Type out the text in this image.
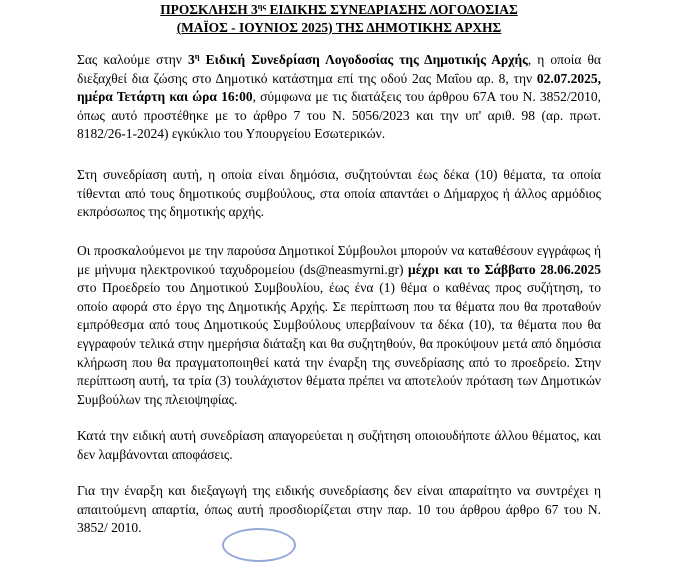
ΠΡΟΣΚΛΗΣΗ $3^{\eta\varsigma}$ ΕΙΔΙΚΗΣ ΣΥΝΕΔΡΙΑΣΗΣ ΛΟΓΟΔΟΣΙΑΣ
(ΜΑΪΟΣ - ΙΟΥΝΙΟΣ 2025) ΤΗΣ ΔΗΜΟΤΙΚΗΣ ΑΡΧΗΣ

Σας καλούμε στην $3^\eta$ Ειδική Συνεδρίαση Λογοδοσίας της Δημοτικής Αρχής, η οποία θα διεξαχθεί δια ζώσης στο Δημοτικό κατάστημα επί της οδού 2ας Μαΐου αρ. 8, την 02.07.2025, ημέρα Τετάρτη και ώρα 16:00, σύμφωνα με τις διατάξεις του άρθρου 67Α του Ν. 3852/2010, όπως αυτό προστέθηκε με το άρθρο 7 του Ν. 5056/2023 και την υπ' αριθ. 98 (αρ. πρωτ. 8182/26-1-2024) εγκύκλιο του Υπουργείου Εσωτερικών.

Στη συνεδρίαση αυτή, η οποία είναι δημόσια, συζητούνται έως δέκα (10) θέματα, τα οποία τίθενται από τους δημοτικούς συμβούλους, στα οποία απαντάει ο Δήμαρχος ή άλλος αρμόδιος εκπρόσωπος της δημοτικής αρχής.

Οι προσκαλούμενοι με την παρούσα Δημοτικοί Σύμβουλοι μπορούν να καταθέσουν εγγράφως ή με μήνυμα ηλεκτρονικού ταχυδρομείου (ds@neasmyrni.gr) μέχρι και το Σάββατο 28.06.2025 στο Προεδρείο του Δημοτικού Συμβουλίου, έως ένα (1) θέμα ο καθένας προς συζήτηση, το οποίο αφορά στο έργο της Δημοτικής Αρχής. Σε περίπτωση που τα θέματα που θα προταθούν εμπρόθεσμα από τους Δημοτικούς Συμβούλους υπερβαίνουν τα δέκα (10), τα θέματα που θα εγγραφούν τελικά στην ημερήσια διάταξη και θα συζητηθούν, θα προκύψουν μετά από δημόσια κλήρωση που θα πραγματοποιηθεί κατά την έναρξη της συνεδρίασης από το προεδρείο. Στην περίπτωση αυτή, τα τρία (3) τουλάχιστον θέματα πρέπει να αποτελούν πρόταση των Δημοτικών Συμβούλων της πλειοψηφίας.

Κατά την ειδική αυτή συνεδρίαση απαγορεύεται η συζήτηση οποιουδήποτε άλλου θέματος, και δεν λαμβάνονται αποφάσεις.

Για την έναρξη και διεξαγωγή της ειδικής συνεδρίασης δεν είναι απαραίτητο να συντρέχει η απαιτούμενη απαρτία, όπως αυτή προσδιορίζεται στην παρ. 10 του άρθρου άρθρο 67 του Ν. 3852/ 2010.
